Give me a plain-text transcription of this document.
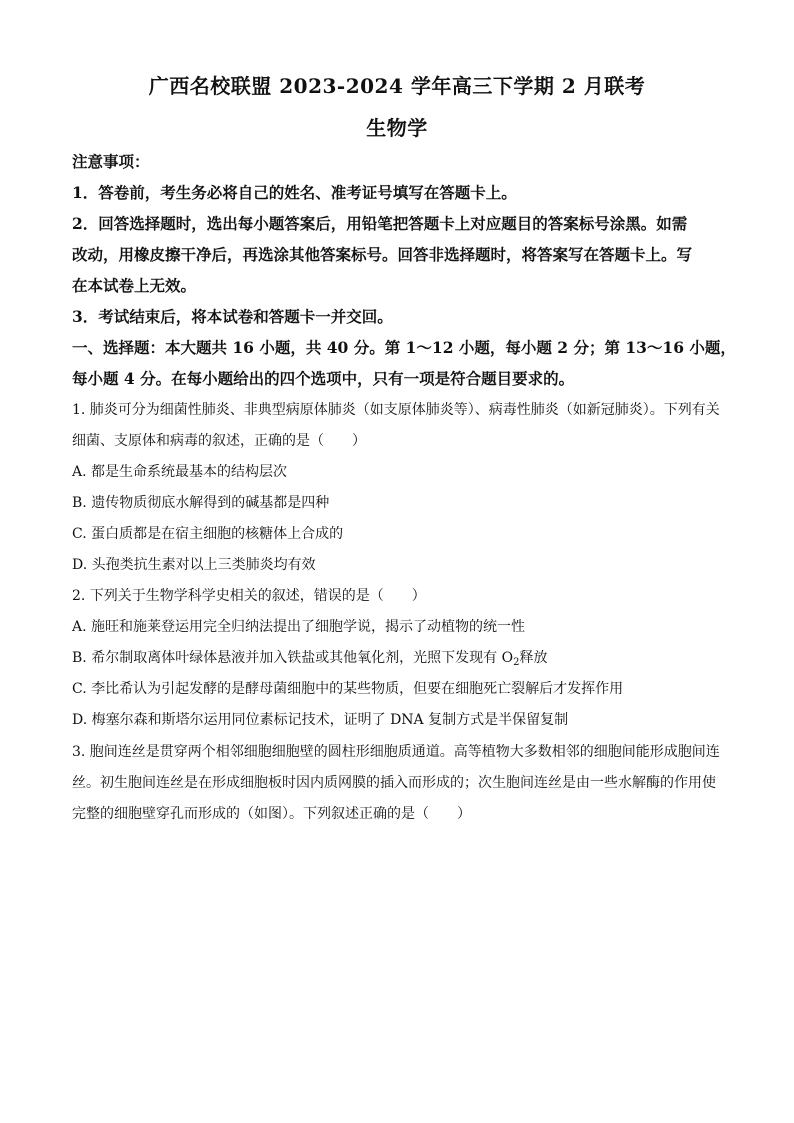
广西名校联盟 2023-2024 学年高三下学期 2 月联考
生物学
注意事项：
1．答卷前，考生务必将自己的姓名、准考证号填写在答题卡上。
2．回答选择题时，选出每小题答案后，用铅笔把答题卡上对应题目的答案标号涂黑。如需
改动，用橡皮擦干净后，再选涂其他答案标号。回答非选择题时，将答案写在答题卡上。写
在本试卷上无效。
3．考试结束后，将本试卷和答题卡一并交回。
一、选择题：本大题共 16 小题，共 40 分。第 1～12 小题，每小题 2 分；第 13～16 小题，
每小题 4 分。在每小题给出的四个选项中，只有一项是符合题目要求的。
1. 肺炎可分为细菌性肺炎、非典型病原体肺炎（如支原体肺炎等）、病毒性肺炎（如新冠肺炎）。下列有关
细菌、支原体和病毒的叙述，正确的是（　　）
A. 都是生命系统最基本的结构层次
B. 遗传物质彻底水解得到的碱基都是四种
C. 蛋白质都是在宿主细胞的核糖体上合成的
D. 头孢类抗生素对以上三类肺炎均有效
2. 下列关于生物学科学史相关的叙述，错误的是（　　）
A. 施旺和施莱登运用完全归纳法提出了细胞学说，揭示了动植物的统一性
B. 希尔制取离体叶绿体悬液并加入铁盐或其他氧化剂，光照下发现有 $O_2$释放
C. 李比希认为引起发酵的是酵母菌细胞中的某些物质，但要在细胞死亡裂解后才发挥作用
D. 梅塞尔森和斯塔尔运用同位素标记技术，证明了 DNA 复制方式是半保留复制
3. 胞间连丝是贯穿两个相邻细胞细胞壁的圆柱形细胞质通道。高等植物大多数相邻的细胞间能形成胞间连
丝。初生胞间连丝是在形成细胞板时因内质网膜的插入而形成的；次生胞间连丝是由一些水解酶的作用使
完整的细胞壁穿孔而形成的（如图）。下列叙述正确的是（　　）
